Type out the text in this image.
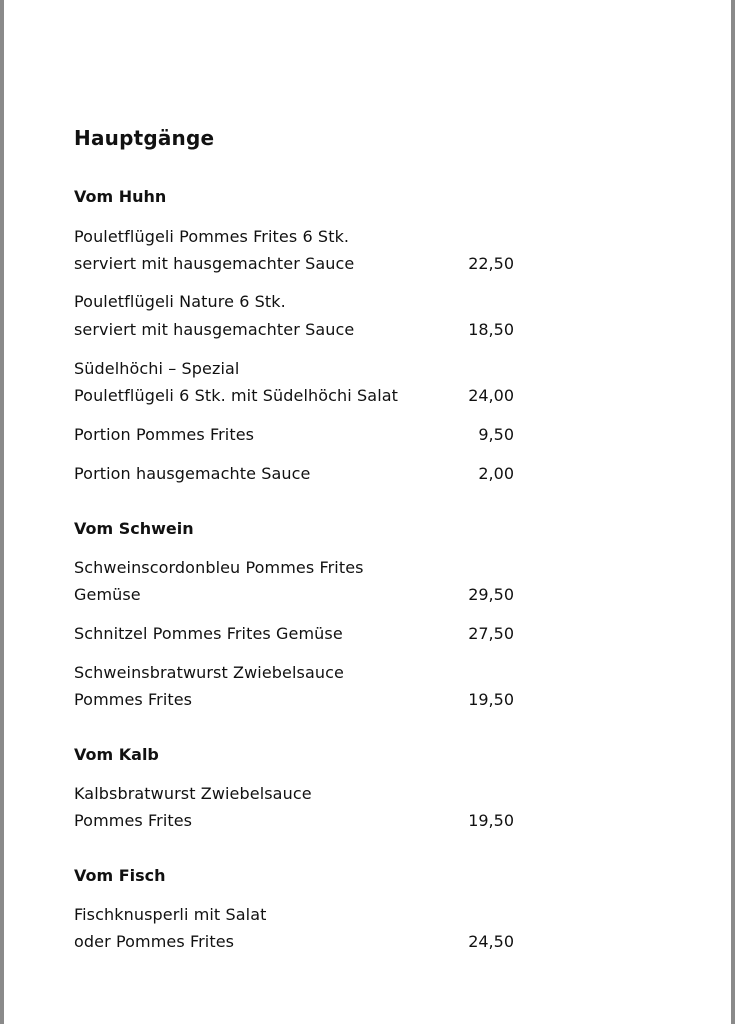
Hauptgänge
Vom Huhn
Pouletflügeli Pommes Frites 6 Stk.
serviert mit hausgemachter Sauce	22,50
Pouletflügeli Nature 6 Stk.
serviert mit hausgemachter Sauce	18,50
Südelhöchi – Spezial
Pouletflügeli 6 Stk. mit Südelhöchi Salat	24,00
Portion Pommes Frites	9,50
Portion hausgemachte Sauce	2,00
Vom Schwein
Schweinscordonbleu Pommes Frites
Gemüse	29,50
Schnitzel Pommes Frites Gemüse	27,50
Schweinsbratwurst Zwiebelsauce
Pommes Frites	19,50
Vom Kalb
Kalbsbratwurst Zwiebelsauce
Pommes Frites	19,50
Vom Fisch
Fischknusperli mit Salat
oder Pommes Frites	24,50
